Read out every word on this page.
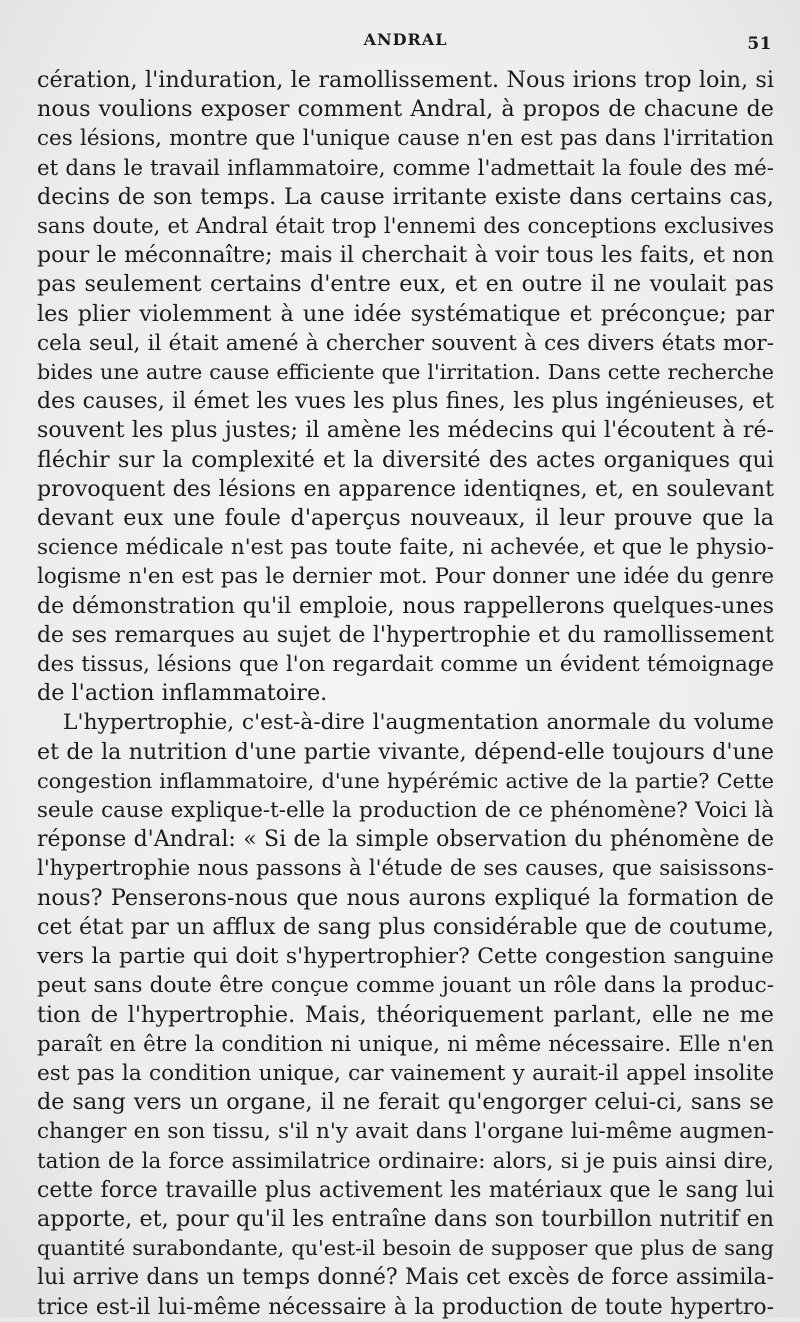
ANDRAL	51
cération, l'induration, le ramollissement. Nous irions trop loin, si
nous voulions exposer comment Andral, à propos de chacune de
ces lésions, montre que l'unique cause n'en est pas dans l'irritation
et dans le travail inflammatoire, comme l'admettait la foule des mé-
decins de son temps. La cause irritante existe dans certains cas,
sans doute, et Andral était trop l'ennemi des conceptions exclusives
pour le méconnaître; mais il cherchait à voir tous les faits, et non
pas seulement certains d'entre eux, et en outre il ne voulait pas
les plier violemment à une idée systématique et préconçue; par
cela seul, il était amené à chercher souvent à ces divers états mor-
bides une autre cause efficiente que l'irritation. Dans cette recherche
des causes, il émet les vues les plus fines, les plus ingénieuses, et
souvent les plus justes; il amène les médecins qui l'écoutent à ré-
fléchir sur la complexité et la diversité des actes organiques qui
provoquent des lésions en apparence identiqnes, et, en soulevant
devant eux une foule d'aperçus nouveaux, il leur prouve que la
science médicale n'est pas toute faite, ni achevée, et que le physio-
logisme n'en est pas le dernier mot. Pour donner une idée du genre
de démonstration qu'il emploie, nous rappellerons quelques-unes
de ses remarques au sujet de l'hypertrophie et du ramollissement
des tissus, lésions que l'on regardait comme un évident témoignage
de l'action inflammatoire.
L'hypertrophie, c'est-à-dire l'augmentation anormale du volume
et de la nutrition d'une partie vivante, dépend-elle toujours d'une
congestion inflammatoire, d'une hypérémic active de la partie? Cette
seule cause explique-t-elle la production de ce phénomène? Voici là
réponse d'Andral: « Si de la simple observation du phénomène de
l'hypertrophie nous passons à l'étude de ses causes, que saisissons-
nous? Penserons-nous que nous aurons expliqué la formation de
cet état par un afflux de sang plus considérable que de coutume,
vers la partie qui doit s'hypertrophier? Cette congestion sanguine
peut sans doute être conçue comme jouant un rôle dans la produc-
tion de l'hypertrophie. Mais, théoriquement parlant, elle ne me
paraît en être la condition ni unique, ni même nécessaire. Elle n'en
est pas la condition unique, car vainement y aurait-il appel insolite
de sang vers un organe, il ne ferait qu'engorger celui-ci, sans se
changer en son tissu, s'il n'y avait dans l'organe lui-même augmen-
tation de la force assimilatrice ordinaire: alors, si je puis ainsi dire,
cette force travaille plus activement les matériaux que le sang lui
apporte, et, pour qu'il les entraîne dans son tourbillon nutritif en
quantité surabondante, qu'est-il besoin de supposer que plus de sang
lui arrive dans un temps donné? Mais cet excès de force assimila-
trice est-il lui-même nécessaire à la production de toute hypertro-
